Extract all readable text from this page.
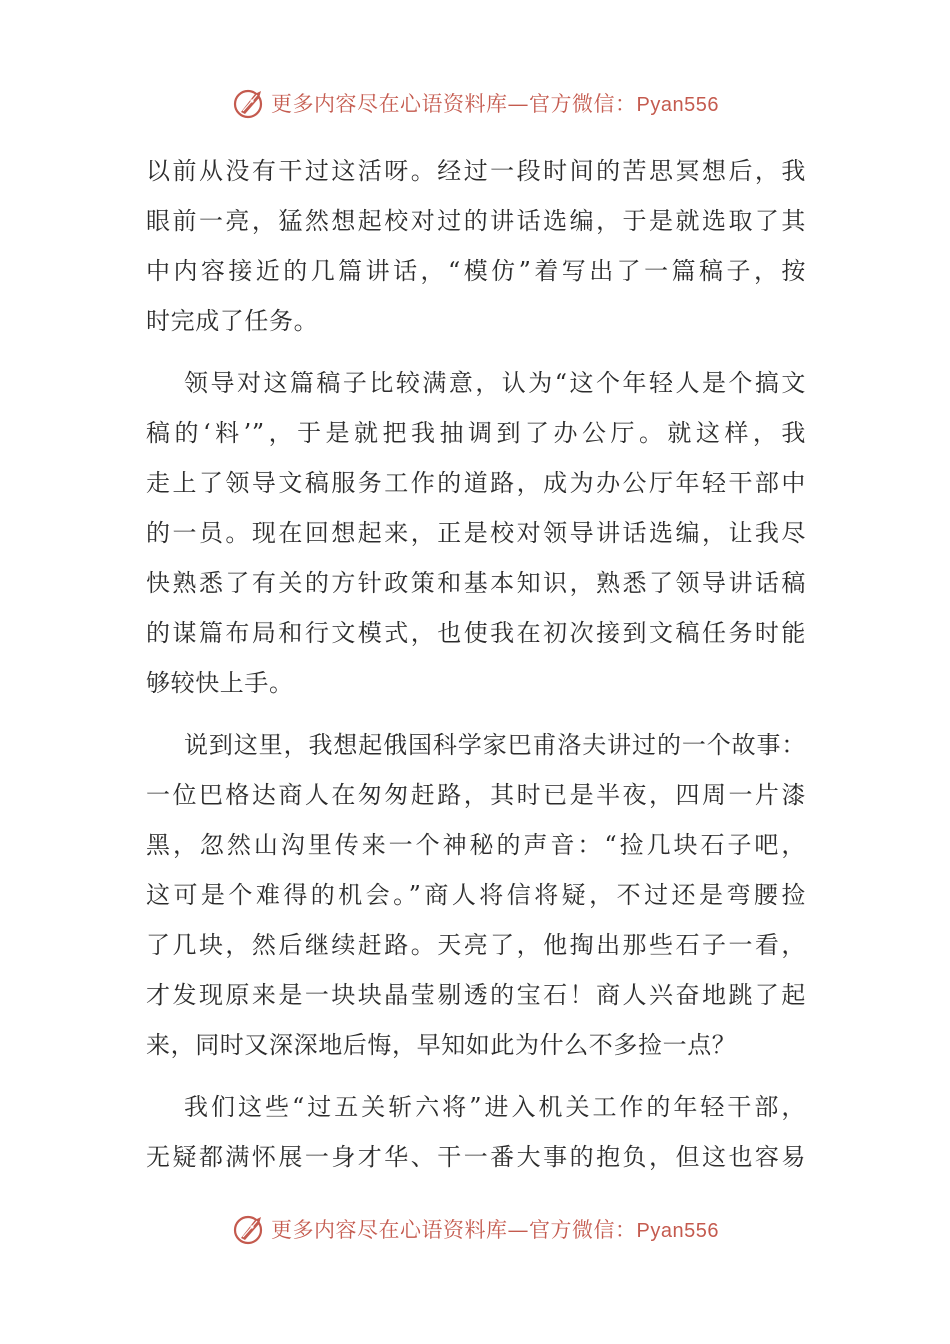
更多内容尽在心语资料库—官方微信：Pyan556
以前从没有干过这活呀。经过一段时间的苦思冥想后，我
眼前一亮，猛然想起校对过的讲话选编，于是就选取了其
中内容接近的几篇讲话，“模仿”着写出了一篇稿子，按
时完成了任务。
领导对这篇稿子比较满意，认为“这个年轻人是个搞文
稿的‘料’”，于是就把我抽调到了办公厅。就这样，我
走上了领导文稿服务工作的道路，成为办公厅年轻干部中
的一员。现在回想起来，正是校对领导讲话选编，让我尽
快熟悉了有关的方针政策和基本知识，熟悉了领导讲话稿
的谋篇布局和行文模式，也使我在初次接到文稿任务时能
够较快上手。
说到这里，我想起俄国科学家巴甫洛夫讲过的一个故事：
一位巴格达商人在匆匆赶路，其时已是半夜，四周一片漆
黑，忽然山沟里传来一个神秘的声音：“捡几块石子吧，
这可是个难得的机会。”商人将信将疑，不过还是弯腰捡
了几块，然后继续赶路。天亮了，他掏出那些石子一看，
才发现原来是一块块晶莹剔透的宝石！商人兴奋地跳了起
来，同时又深深地后悔，早知如此为什么不多捡一点？
我们这些“过五关斩六将”进入机关工作的年轻干部，
无疑都满怀展一身才华、干一番大事的抱负，但这也容易
更多内容尽在心语资料库—官方微信：Pyan556
